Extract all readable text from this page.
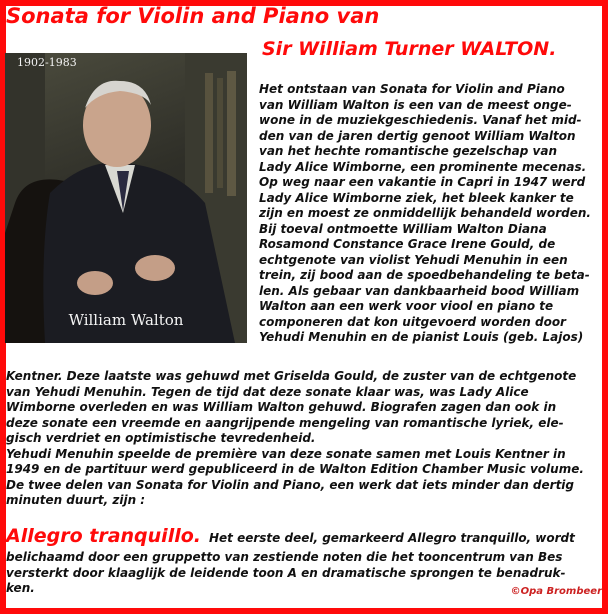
Sonata for Violin and Piano van
Sir William Turner WALTON.
1902-1983
William Walton
Het ontstaan van Sonata for Violin and Piano
van William Walton is een van de meest onge-
wone in de muziekgeschiedenis. Vanaf het mid-
den van de jaren dertig genoot William Walton
van het hechte romantische gezelschap van
Lady Alice Wimborne, een prominente mecenas.
Op weg naar een vakantie in Capri in 1947 werd
Lady Alice Wimborne ziek, het bleek kanker te
zijn en moest ze onmiddellijk behandeld worden.
Bij toeval ontmoette William Walton Diana
Rosamond Constance Grace Irene Gould, de
echtgenote van violist Yehudi Menuhin in een
trein, zij bood aan de spoedbehandeling te beta-
len. Als gebaar van dankbaarheid bood William
Walton aan een werk voor viool en piano te
componeren dat kon uitgevoerd worden door
Yehudi Menuhin en de pianist Louis (geb. Lajos)
Kentner. Deze laatste was gehuwd met Griselda Gould, de zuster van de echtgenote
van Yehudi Menuhin. Tegen de tijd dat deze sonate klaar was, was Lady Alice
Wimborne overleden en was William Walton gehuwd. Biografen zagen dan ook in
deze sonate een vreemde en aangrijpende mengeling van romantische lyriek, ele-
gisch verdriet en optimistische tevredenheid.
Yehudi Menuhin speelde de première van deze sonate samen met Louis Kentner in
1949 en de partituur werd gepubliceerd in de Walton Edition Chamber Music volume.
De twee delen van Sonata for Violin and Piano, een werk dat iets minder dan dertig
minuten duurt, zijn :
Allegro tranquillo. Het eerste deel, gemarkeerd Allegro tranquillo, wordt
belichaamd door een gruppetto van zestiende noten die het tooncentrum van Bes
versterkt door klaaglijk de leidende toon A en dramatische sprongen te benadruk-
ken.	©Opa Brombeer
